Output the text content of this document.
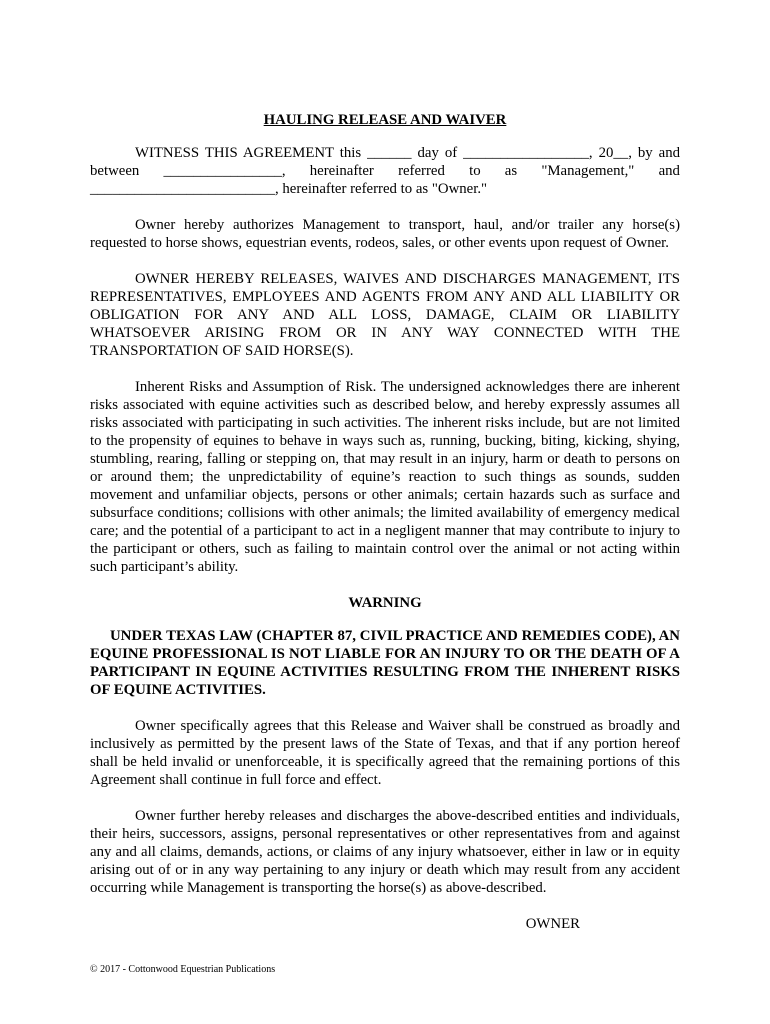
HAULING RELEASE AND WAIVER

WITNESS THIS AGREEMENT this ______ day of _________________, 20__, by and
between ________________, hereinafter referred to as "Management," and
_________________________, hereinafter referred to as "Owner."

Owner hereby authorizes Management to transport, haul, and/or trailer any horse(s) requested to horse shows, equestrian events, rodeos, sales, or other events upon request of Owner.

OWNER HEREBY RELEASES, WAIVES AND DISCHARGES MANAGEMENT, ITS REPRESENTATIVES, EMPLOYEES AND AGENTS FROM ANY AND ALL LIABILITY OR OBLIGATION FOR ANY AND ALL LOSS, DAMAGE, CLAIM OR LIABILITY WHATSOEVER ARISING FROM OR IN ANY WAY CONNECTED WITH THE TRANSPORTATION OF SAID HORSE(S).

Inherent Risks and Assumption of Risk. The undersigned acknowledges there are inherent risks associated with equine activities such as described below, and hereby expressly assumes all risks associated with participating in such activities. The inherent risks include, but are not limited to the propensity of equines to behave in ways such as, running, bucking, biting, kicking, shying, stumbling, rearing, falling or stepping on, that may result in an injury, harm or death to persons on or around them; the unpredictability of equine’s reaction to such things as sounds, sudden movement and unfamiliar objects, persons or other animals; certain hazards such as surface and subsurface conditions; collisions with other animals; the limited availability of emergency medical care; and the potential of a participant to act in a negligent manner that may contribute to injury to the participant or others, such as failing to maintain control over the animal or not acting within such participant’s ability.

WARNING

UNDER TEXAS LAW (CHAPTER 87, CIVIL PRACTICE AND REMEDIES CODE), AN EQUINE PROFESSIONAL IS NOT LIABLE FOR AN INJURY TO OR THE DEATH OF A PARTICIPANT IN EQUINE ACTIVITIES RESULTING FROM THE INHERENT RISKS OF EQUINE ACTIVITIES.

Owner specifically agrees that this Release and Waiver shall be construed as broadly and inclusively as permitted by the present laws of the State of Texas, and that if any portion hereof shall be held invalid or unenforceable, it is specifically agreed that the remaining portions of this Agreement shall continue in full force and effect.

Owner further hereby releases and discharges the above-described entities and individuals, their heirs, successors, assigns, personal representatives or other representatives from and against any and all claims, demands, actions, or claims of any injury whatsoever, either in law or in equity arising out of or in any way pertaining to any injury or death which may result from any accident occurring while Management is transporting the horse(s) as above-described.

OWNER
© 2017 - Cottonwood Equestrian Publications
